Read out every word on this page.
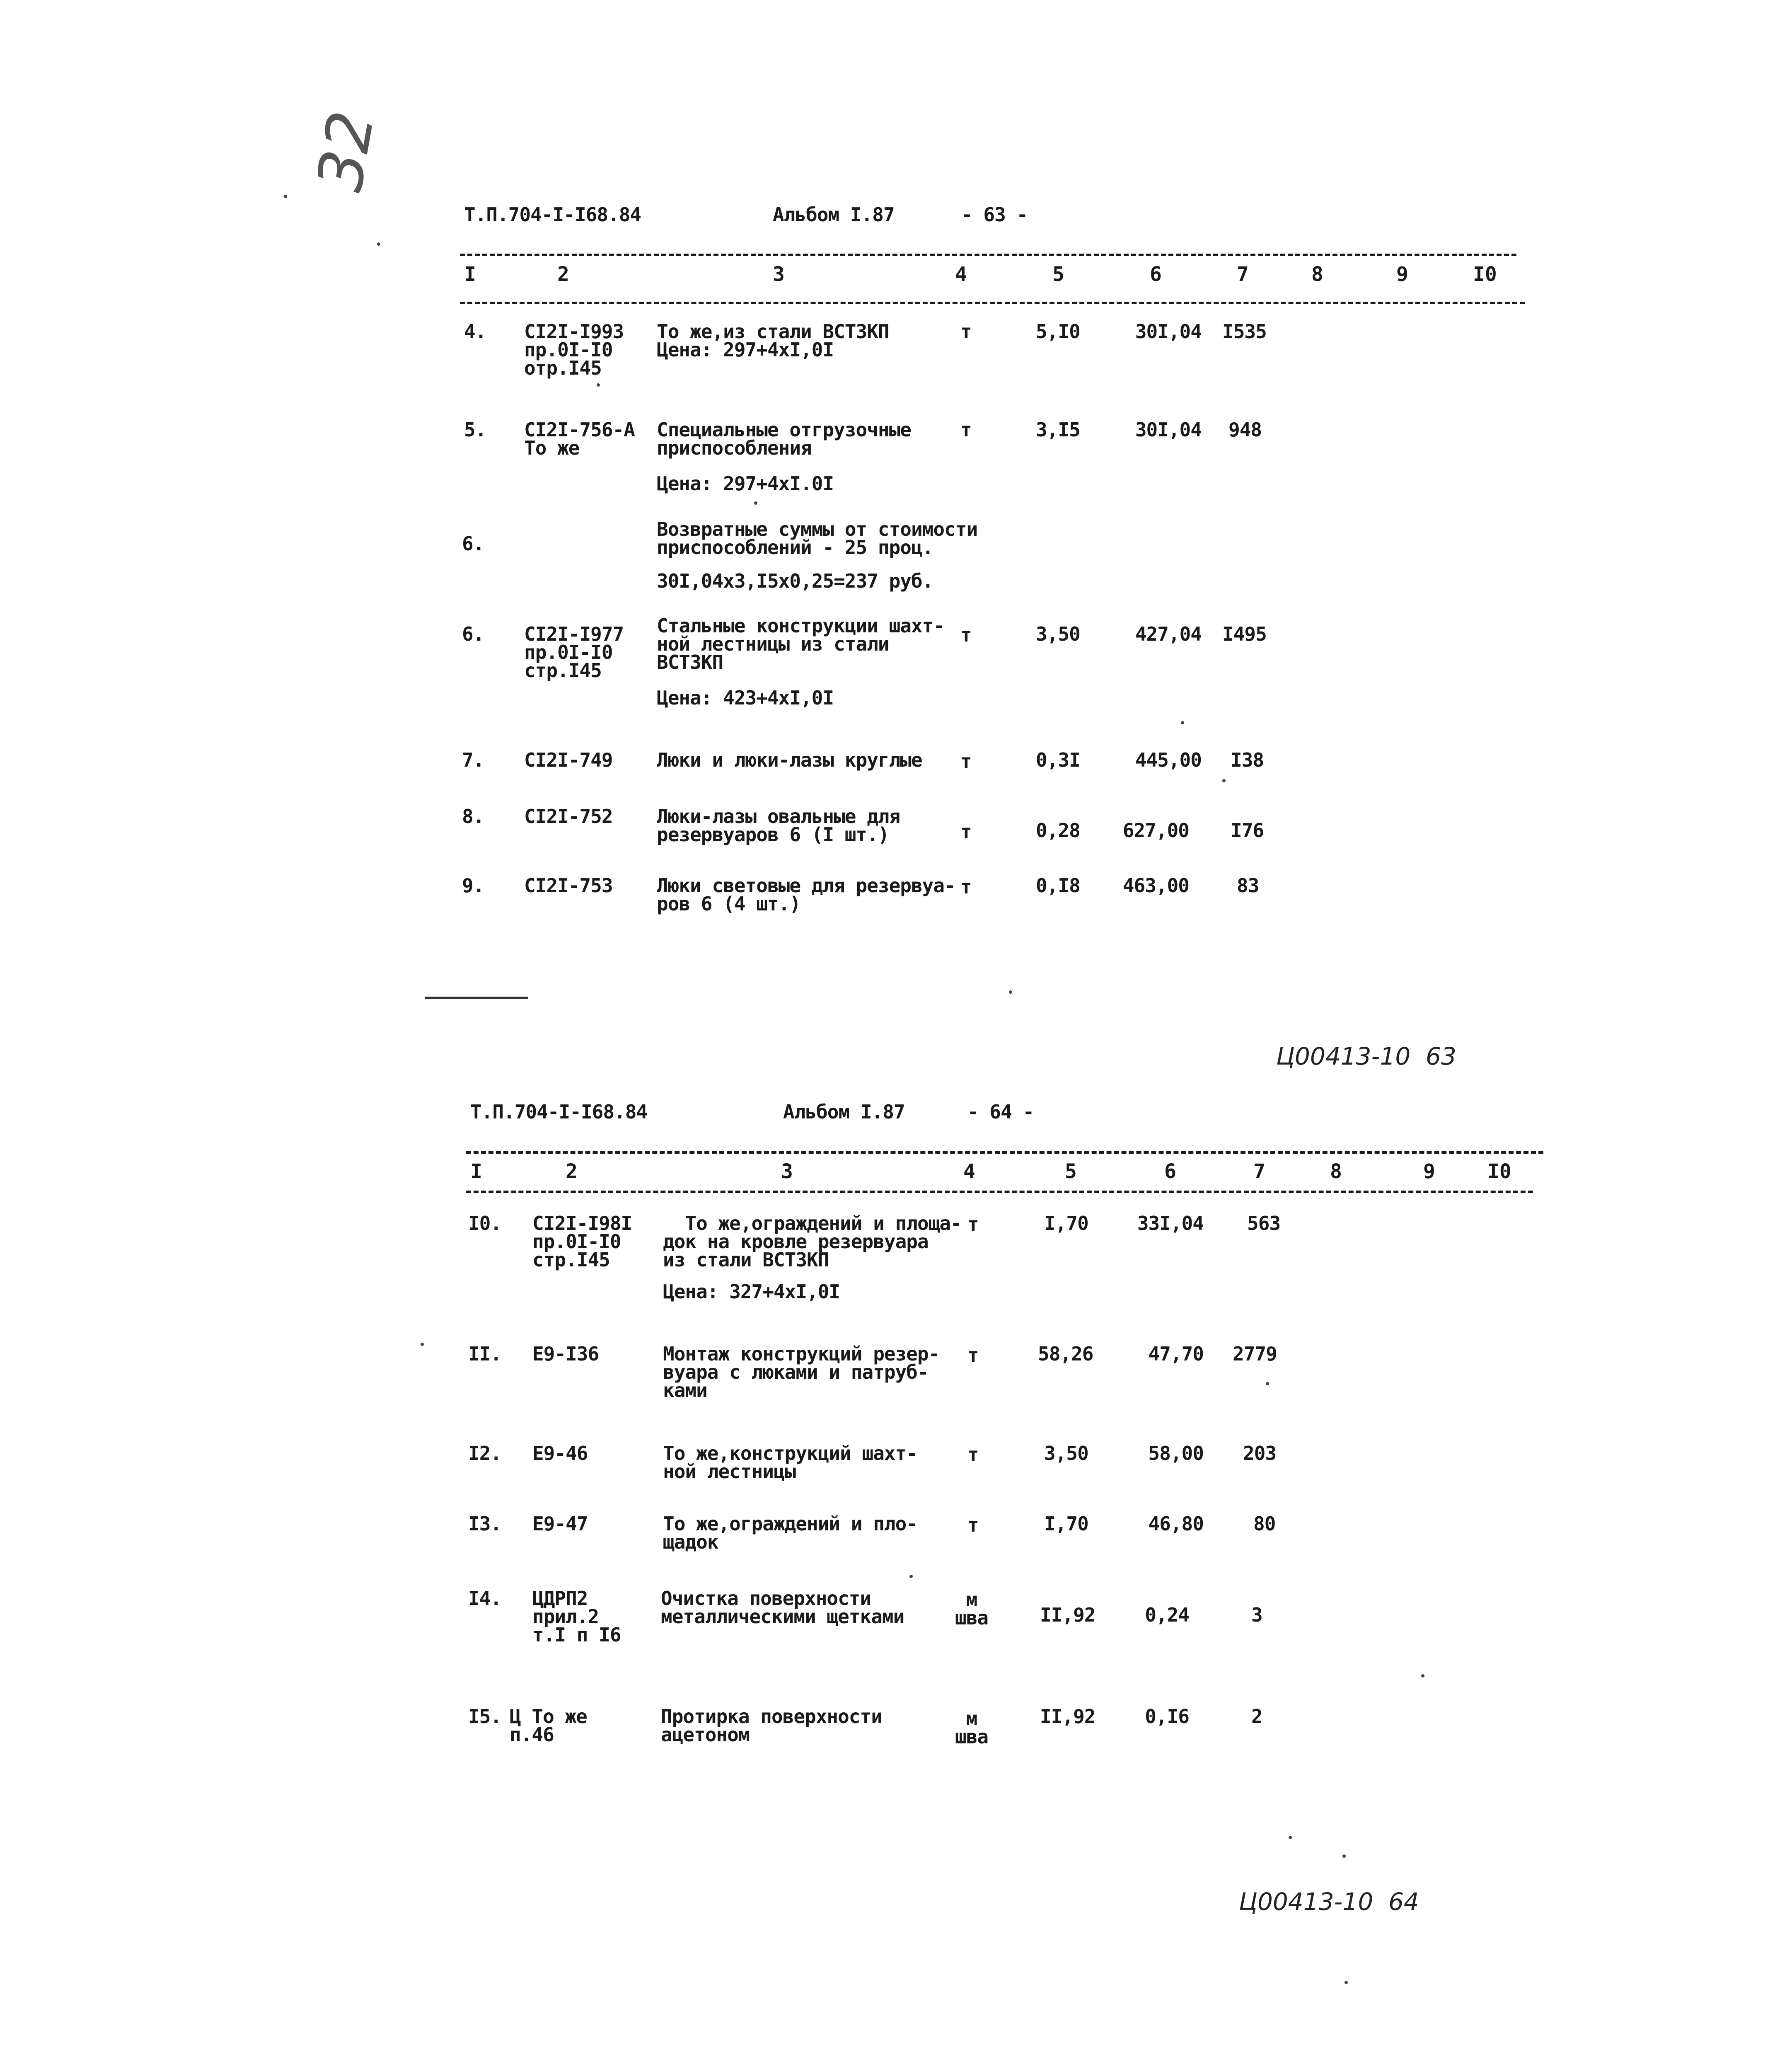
32
Т.П.704-I-I68.84	Альбом I.87	- 63 -
I	2	3	4	5	6	7	8	9	I0
4. CI2I-I993
пр.0I-I0
отр.I45
То же,из стали ВСТ3КП
Цена: 297+4xI,0I
т	5,I0	30I,04 I535
5. CI2I-756-А
То же
Специальные отгрузочные
приспособления
т	3,I5	30I,04 948
Цена: 297+4xI.0I
6.
Возвратные суммы от стоимости
приспособлений - 25 проц.
30I,04x3,I5x0,25=237 руб.
6. CI2I-I977
пр.0I-I0
стр.I45
Стальные конструкции шахт-
ной лестницы из стали
ВСТ3КП
т	3,50	427,04 I495
Цена: 423+4xI,0I
7. CI2I-749 Люки и люки-лазы круглые т	0,3I	445,00 I38
8. CI2I-752 Люки-лазы овальные для
резервуаров 6 (I шт.)	т	0,28	627,00 I76
9. CI2I-753 Люки световые для резервуа-
ров 6 (4 шт.)
т	0,I8	463,00	83
Ц00413-10  63
Т.П.704-I-I68.84	Альбом I.87	- 64 -
I	2	3	4	5	6	7	8	9	I0
I0. CI2I-I98I
пр.0I-I0
стр.I45
То же,ограждений и площа-
док на кровле резервуара
из стали ВСТ3КП
т	I,70	33I,04 563
Цена: 327+4xI,0I
II. Е9-I36	Монтаж конструкций резер-
вуара с люками и патруб-
ками
т	58,26	47,70 2779
I2. Е9-46	То же,конструкций шахт-
ной лестницы
т	3,50	58,00 203
I3. Е9-47	То же,ограждений и пло-
щадок
т	I,70	46,80	80
I4. ЦДРП2
прил.2
т.I п I6
Очистка поверхности
металлическими щетками
м
шва	II,92	0,24	3
I5. Ц То же
п.46
Протирка поверхности
ацетоном
м
шва
II,92	0,I6	2
Ц00413-10  64
